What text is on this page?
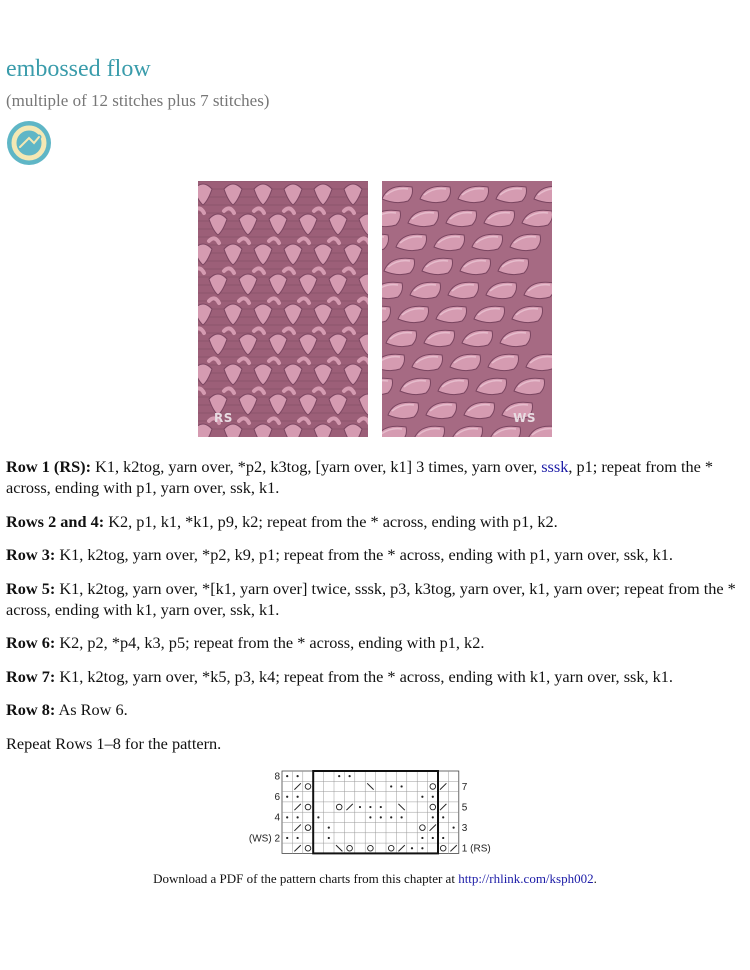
embossed flow
(multiple of 12 stitches plus 7 stitches)
RS	WS

Row 1 (RS): K1, k2tog, yarn over, *p2, k3tog, [yarn over, k1] 3 times, yarn over, sssk, p1; repeat from the * across, ending with p1, yarn over, ssk, k1.

Rows 2 and 4: K2, p1, k1, *k1, p9, k2; repeat from the * across, ending with p1, k2.

Row 3: K1, k2tog, yarn over, *p2, k9, p1; repeat from the * across, ending with p1, yarn over, ssk, k1.

Row 5: K1, k2tog, yarn over, *[k1, yarn over] twice, sssk, p3, k3tog, yarn over, k1, yarn over; repeat from the * across, ending with k1, yarn over, ssk, k1.

Row 6: K2, p2, *p4, k3, p5; repeat from the * across, ending with p1, k2.

Row 7: K1, k2tog, yarn over, *k5, p3, k4; repeat from the * across, ending with k1, yarn over, ssk, k1.

Row 8: As Row 6.

Repeat Rows 1–8 for the pattern.

8
6
4
(WS) 2
7
5
3
1 (RS)
Download a PDF of the pattern charts from this chapter at http://rhlink.com/ksph002.
